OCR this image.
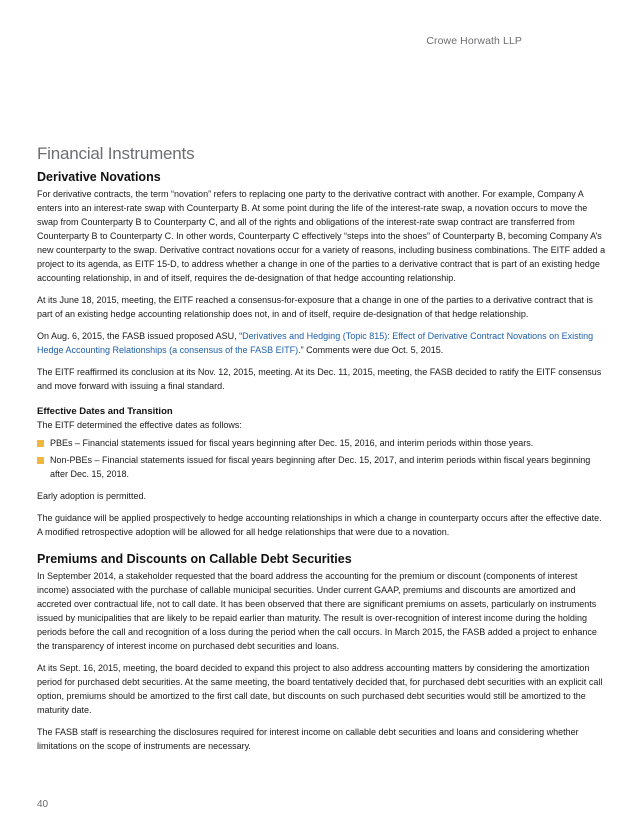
Crowe Horwath LLP
Financial Instruments
Derivative Novations

For derivative contracts, the term “novation” refers to replacing one party to the derivative contract with another. For example, Company A enters into an interest-rate swap with Counterparty B. At some point during the life of the interest-rate swap, a novation occurs to move the swap from Counterparty B to Counterparty C, and all of the rights and obligations of the interest-rate swap contract are transferred from Counterparty B to Counterparty C. In other words, Counterparty C effectively “steps into the shoes” of Counterparty B, becoming Company A’s new counterparty to the swap. Derivative contract novations occur for a variety of reasons, including business combinations. The EITF added a project to its agenda, as EITF 15-D, to address whether a change in one of the parties to a derivative contract that is part of an existing hedge accounting relationship, in and of itself, requires the de-designation of that hedge accounting relationship.

At its June 18, 2015, meeting, the EITF reached a consensus-for-exposure that a change in one of the parties to a derivative contract that is part of an existing hedge accounting relationship does not, in and of itself, require de-designation of that hedge relationship.

On Aug. 6, 2015, the FASB issued proposed ASU, “Derivatives and Hedging (Topic 815): Effect of Derivative Contract Novations on Existing Hedge Accounting Relationships (a consensus of the FASB EITF).” Comments were due Oct. 5, 2015.

The EITF reaffirmed its conclusion at its Nov. 12, 2015, meeting. At its Dec. 11, 2015, meeting, the FASB decided to ratify the EITF consensus and move forward with issuing a final standard.

Effective Dates and Transition

The EITF determined the effective dates as follows:

PBEs – Financial statements issued for fiscal years beginning after Dec. 15, 2016, and interim periods within those years.
Non-PBEs – Financial statements issued for fiscal years beginning after Dec. 15, 2017, and interim periods within fiscal years beginning after Dec. 15, 2018.

Early adoption is permitted.

The guidance will be applied prospectively to hedge accounting relationships in which a change in counterparty occurs after the effective date. A modified retrospective adoption will be allowed for all hedge relationships that were due to a novation.

Premiums and Discounts on Callable Debt Securities

In September 2014, a stakeholder requested that the board address the accounting for the premium or discount (components of interest income) associated with the purchase of callable municipal securities. Under current GAAP, premiums and discounts are amortized and accreted over contractual life, not to call date. It has been observed that there are significant premiums on assets, particularly on instruments issued by municipalities that are likely to be repaid earlier than maturity. The result is over-recognition of interest income during the holding periods before the call and recognition of a loss during the period when the call occurs. In March 2015, the FASB added a project to enhance the transparency of interest income on purchased debt securities and loans.

At its Sept. 16, 2015, meeting, the board decided to expand this project to also address accounting matters by considering the amortization period for purchased debt securities. At the same meeting, the board tentatively decided that, for purchased debt securities with an explicit call option, premiums should be amortized to the first call date, but discounts on such purchased debt securities would still be amortized to the maturity date.

The FASB staff is researching the disclosures required for interest income on callable debt securities and loans and considering whether limitations on the scope of instruments are necessary.

40
